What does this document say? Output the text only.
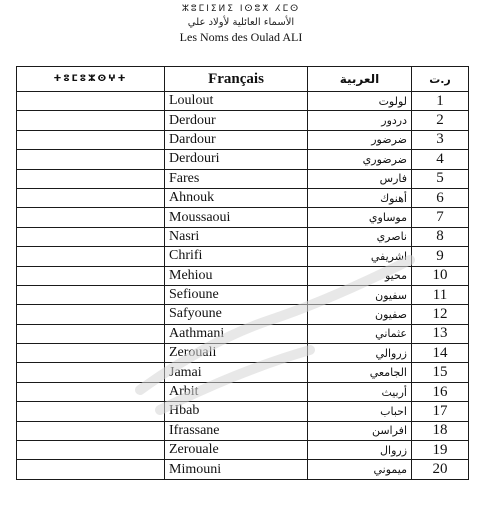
ⵣⵓⵎⵏⵉⵍⵉ ⵏⵙⵓⵅ ⵃⵎⵙ
الأسماء العائلية لأولاد علي
Les Noms des Oulad ALI
ⵜⵓⵎⵓⵣⵙⵖⵜ	Français	العربية	ر.ت
	Loulout	لولوت	1
	Derdour	دردور	2
	Dardour	ضرضور	3
	Derdouri	ضرضوري	4
	Fares	فارس	5
	Ahnouk	أهنوك	6
	Moussaoui	موساوي	7
	Nasri	ناصري	8
	Chrifi	اشريفي	9
	Mehiou	محيو	10
	Sefioune	سفيون	11
	Safyoune	صفيون	12
	Aathmani	عثماني	13
	Zerouali	زروالي	14
	Jamai	الجامعي	15
	Arbit	أربيث	16
	Hbab	احباب	17
	Ifrassane	افراسن	18
	Zerouale	زروال	19
	Mimouni	ميموني	20
